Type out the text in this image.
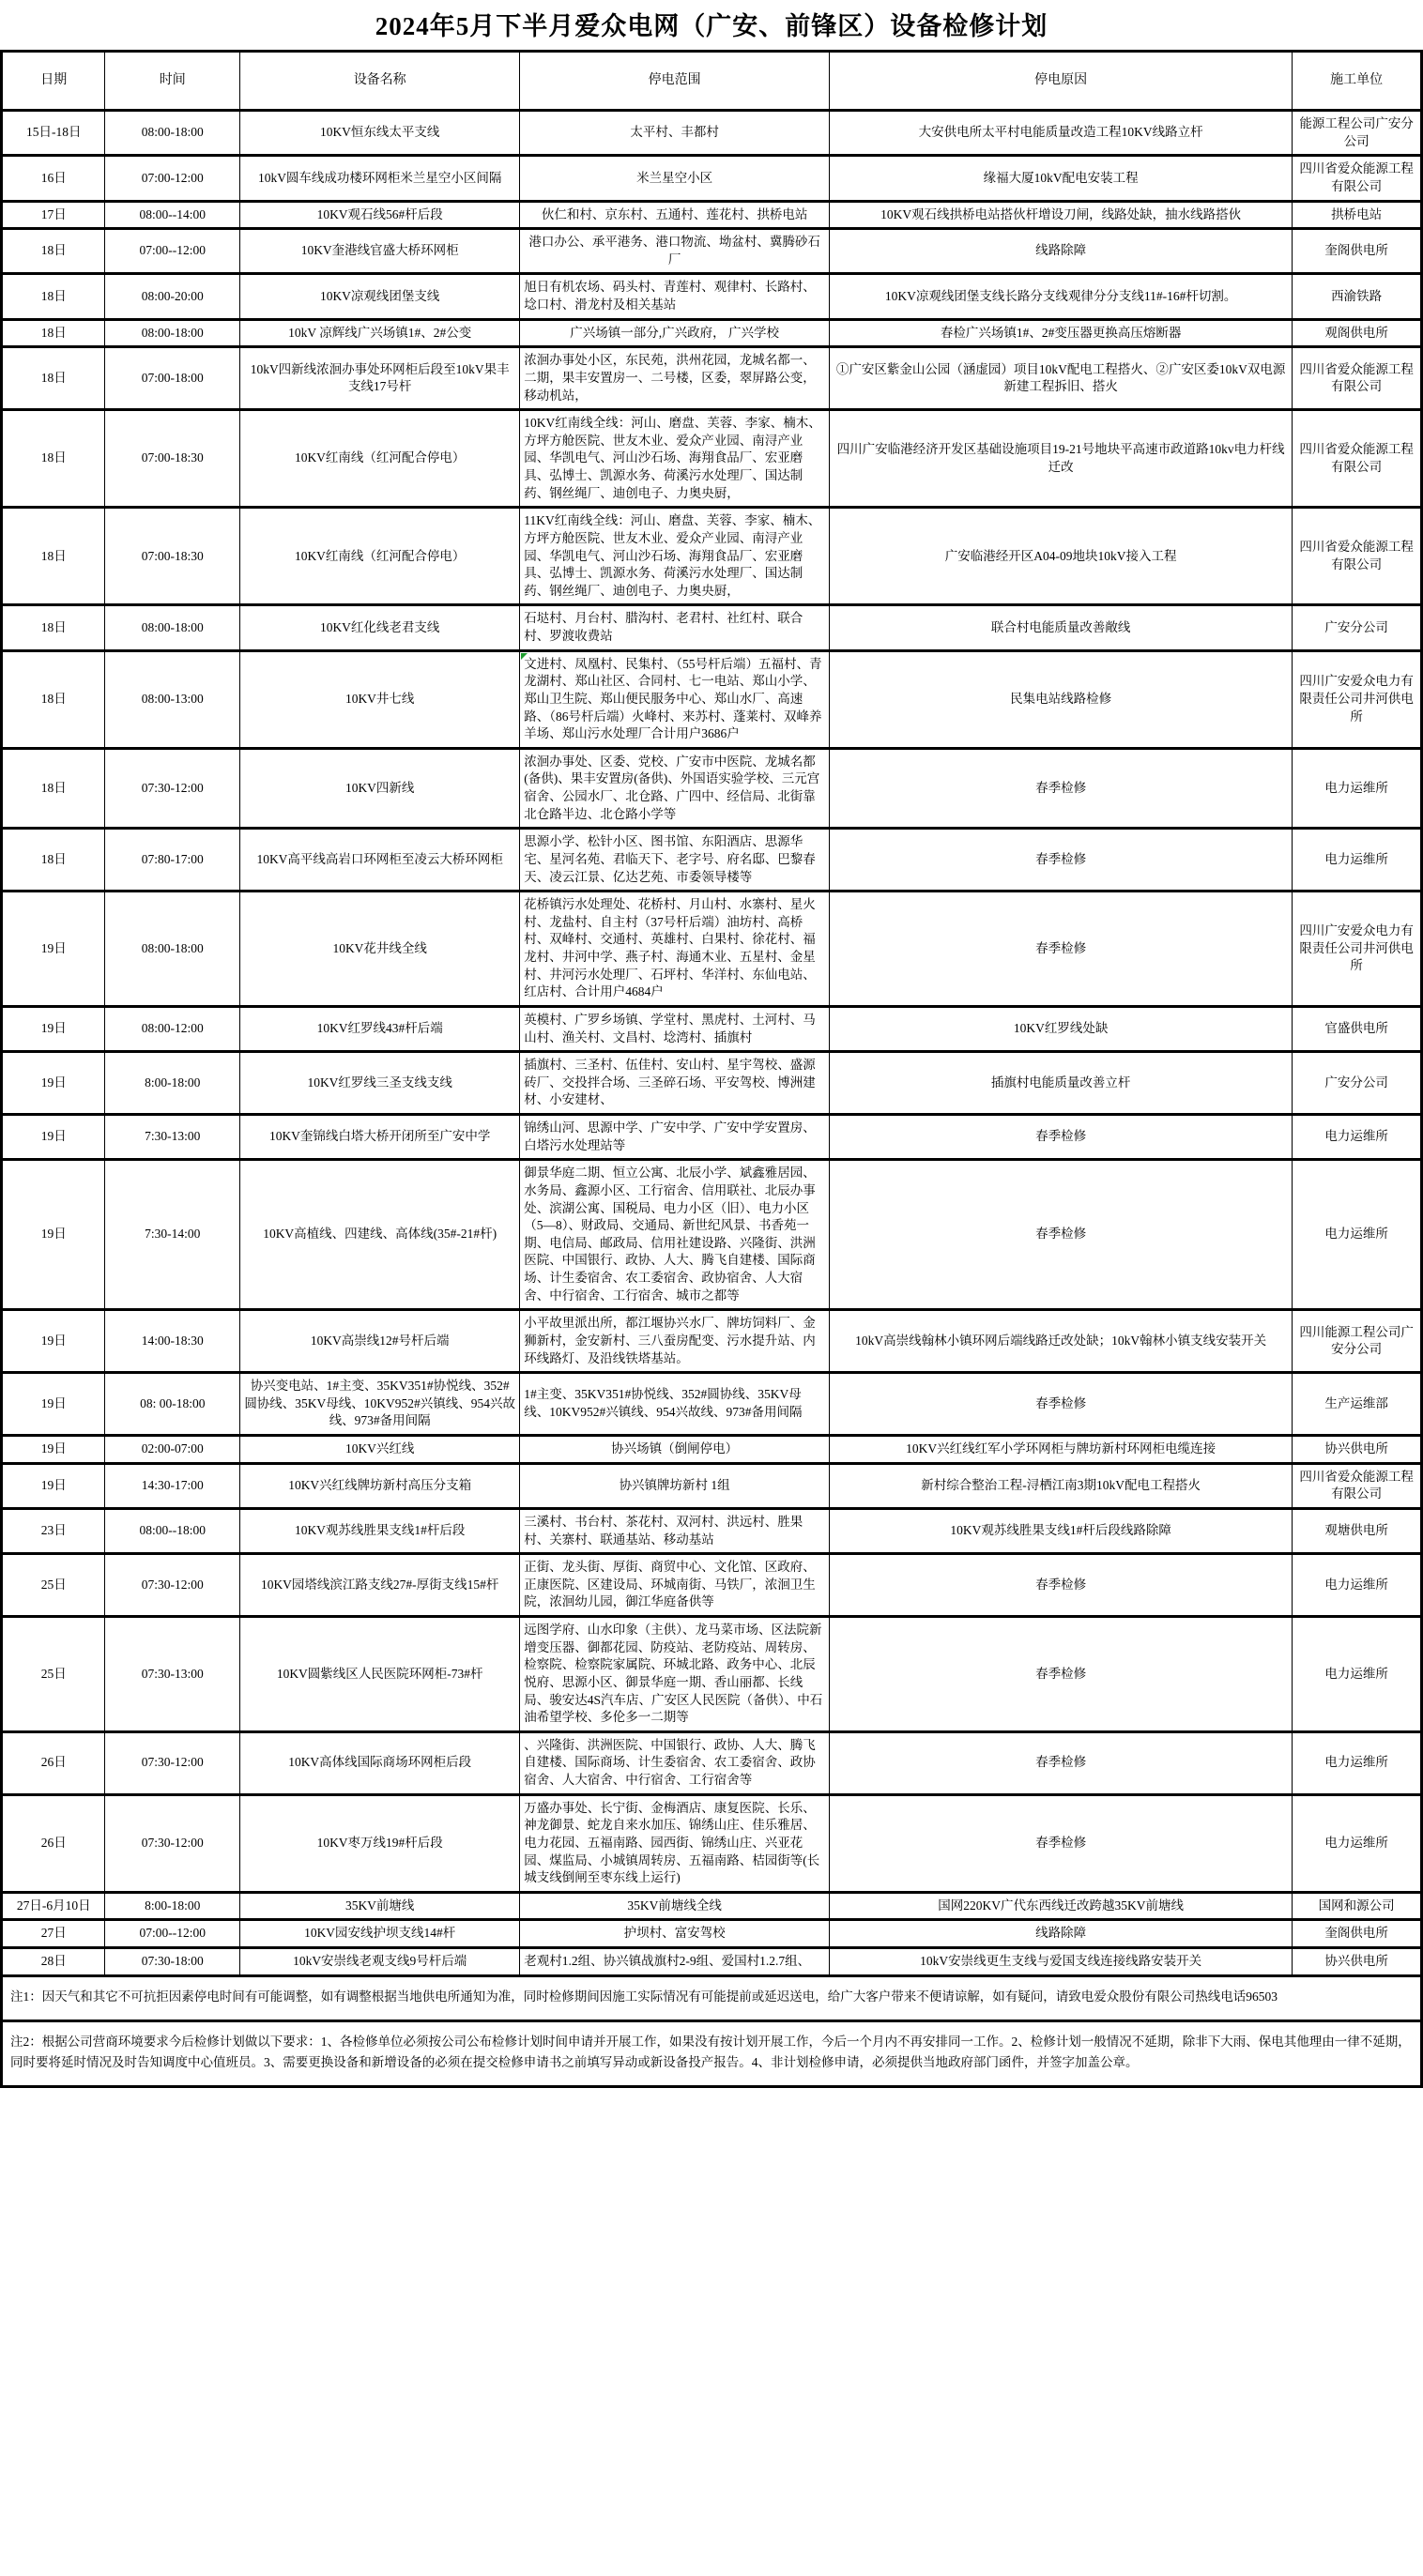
2024年5月下半月爱众电网（广安、前锋区）设备检修计划
日期	时间	设备名称	停电范围	停电原因	施工单位
15日-18日	08:00-18:00	10KV恒东线太平支线	太平村、丰都村	大安供电所太平村电能质量改造工程10KV线路立杆	能源工程公司广安分公司
16日	07:00-12:00	10kV圆车线成功楼环网柜米兰星空小区间隔	米兰星空小区	缘福大厦10kV配电安装工程	四川省爱众能源工程有限公司
17日	08:00--14:00	10KV观石线56#杆后段	伙仁和村、京东村、五通村、莲花村、拱桥电站	10KV观石线拱桥电站搭伙杆增设刀闸，线路处缺，抽水线路搭伙	拱桥电站
18日	07:00--12:00	10KV奎港线官盛大桥环网柜	港口办公、承平港务、港口物流、坳盆村、冀腾砂石厂	线路除障	奎阁供电所
18日	08:00-20:00	10KV凉观线团堡支线	旭日有机农场、码头村、青莲村、观律村、长路村、埝口村、滑龙村及相关基站	10KV凉观线团堡支线长路分支线观律分分支线11#-16#杆切割。	西渝铁路
18日	08:00-18:00	10kV 凉辉线广兴场镇1#、2#公变	广兴场镇一部分,广兴政府， 广兴学校	春检广兴场镇1#、2#变压器更换高压熔断器	观阁供电所
18日	07:00-18:00	10kV四新线浓洄办事处环网柜后段至10kV果丰支线17号杆	浓洄办事处小区，东民苑，洪州花园，龙城名都一、二期，果丰安置房一、二号楼，区委，翠屏路公变，移动机站，	①广安区紫金山公园（涵虚园）项目10kV配电工程搭火、②广安区委10kV双电源新建工程拆旧、搭火	四川省爱众能源工程有限公司
18日	07:00-18:30	10KV红南线（红河配合停电）	10KV红南线全线：河山、磨盘、芙蓉、李家、楠木、方坪方舱医院、世友木业、爱众产业园、南浔产业园、华凯电气、河山沙石场、海翔食品厂、宏亚磨具、弘博士、凯源水务、荷溪污水处理厂、国达制药、钢丝绳厂、迪创电子、力奥央厨，	四川广安临港经济开发区基础设施项目19-21号地块平高速市政道路10kv电力杆线迁改	四川省爱众能源工程有限公司
18日	07:00-18:30	10KV红南线（红河配合停电）	11KV红南线全线：河山、磨盘、芙蓉、李家、楠木、方坪方舱医院、世友木业、爱众产业园、南浔产业园、华凯电气、河山沙石场、海翔食品厂、宏亚磨具、弘博士、凯源水务、荷溪污水处理厂、国达制药、钢丝绳厂、迪创电子、力奥央厨，	广安临港经开区A04-09地块10kV接入工程	四川省爱众能源工程有限公司
18日	08:00-18:00	10KV红化线老君支线	石垯村、月台村、腊沟村、老君村、社红村、联合村、罗渡收费站	联合村电能质量改善敞线	广安分公司
18日	08:00-13:00	10KV井七线	文进村、凤凰村、民集村、（55号杆后端）五福村、青龙湖村、郑山社区、合同村、七一电站、郑山小学、郑山卫生院、郑山便民服务中心、郑山水厂、高速路、（86号杆后端）火峰村、来苏村、蓬莱村、双峰养羊场、郑山污水处理厂合计用户3686户	民集电站线路检修	四川广安爱众电力有限责任公司井河供电所
18日	07:30-12:00	10KV四新线	浓洄办事处、区委、党校、广安市中医院、龙城名都(备供)、果丰安置房(备供)、外国语实验学校、三元宫宿舍、公园水厂、北仓路、广四中、经信局、北街靠北仓路半边、北仓路小学等	春季检修	电力运维所
18日	07:80-17:00	10KV高平线高岩口环网柜至凌云大桥环网柜	思源小学、松针小区、图书馆、东阳酒店、思源华宅、星河名苑、君临天下、老字号、府名邸、巴黎春天、凌云江景、亿达艺苑、市委领导楼等	春季检修	电力运维所
19日	08:00-18:00	10KV花井线全线	花桥镇污水处理处、花桥村、月山村、水寨村、星火村、龙盐村、自主村（37号杆后端）油坊村、高桥村、双峰村、交通村、英雄村、白果村、徐花村、福龙村、井河中学、燕子村、海通木业、五星村、金星村、井河污水处理厂、石坪村、华洋村、东仙电站、红店村、合计用户4684户	春季检修	四川广安爱众电力有限责任公司井河供电所
19日	08:00-12:00	10KV红罗线43#杆后端	英模村、广罗乡场镇、学堂村、黑虎村、土河村、马山村、渔关村、文昌村、埝湾村、插旗村	10KV红罗线处缺	官盛供电所
19日	8:00-18:00	10KV红罗线三圣支线支线	插旗村、三圣村、伍佳村、安山村、星宇驾校、盛源砖厂、交投拌合场、三圣碎石场、平安驾校、博洲建材、小安建材、	插旗村电能质量改善立杆	广安分公司
19日	7:30-13:00	10KV奎锦线白塔大桥开闭所至广安中学	锦绣山河、思源中学、广安中学、广安中学安置房、白塔污水处理站等	春季检修	电力运维所
19日	7:30-14:00	10KV高植线、四建线、高体线(35#-21#杆)	御景华庭二期、恒立公寓、北辰小学、斌鑫雅居园、水务局、鑫源小区、工行宿舍、信用联社、北辰办事处、滨湖公寓、国税局、电力小区（旧）、电力小区（5—8）、财政局、交通局、新世纪风景、书香苑一期、电信局、邮政局、信用社建设路、兴隆街、洪洲医院、中国银行、政协、人大、腾飞自建楼、国际商场、计生委宿舍、农工委宿舍、政协宿舍、人大宿舍、中行宿舍、工行宿舍、城市之都等	春季检修	电力运维所
19日	14:00-18:30	10KV高崇线12#号杆后端	小平故里派出所，都江堰协兴水厂、牌坊饲料厂、金狮新村，金安新村、三八蚕房配变、污水提升站、内环线路灯、及沿线铁塔基站。	10kV高崇线翰林小镇环网后端线路迁改处缺；10kV翰林小镇支线安装开关	四川能源工程公司广安分公司
19日	08: 00-18:00	协兴变电站、1#主变、35KV351#协悦线、352#圆协线、35KV母线、10KV952#兴镇线、954兴故线、973#备用间隔	1#主变、35KV351#协悦线、352#圆协线、35KV母线、10KV952#兴镇线、954兴故线、973#备用间隔	春季检修	生产运维部
19日	02:00-07:00	10KV兴红线	协兴场镇（倒闸停电）	10KV兴红线红军小学环网柜与牌坊新村环网柜电缆连接	协兴供电所
19日	14:30-17:00	10KV兴红线牌坊新村高压分支箱	协兴镇牌坊新村 1组	新村综合整治工程-浔栖江南3期10kV配电工程搭火	四川省爱众能源工程有限公司
23日	08:00--18:00	10KV观苏线胜果支线1#杆后段	三溪村、书台村、茶花村、双河村、洪远村、胜果村、关寨村、联通基站、移动基站	10KV观苏线胜果支线1#杆后段线路除障	观塘供电所
25日	07:30-12:00	10KV园塔线滨江路支线27#-厚街支线15#杆	正街、龙头街、厚街、商贸中心、文化馆、区政府、正康医院、区建设局、环城南街、马铁厂，浓洄卫生院，浓洄幼儿园，御江华庭备供等	春季检修	电力运维所
25日	07:30-13:00	10KV圆紫线区人民医院环网柜-73#杆	远图学府、山水印象（主供）、龙马菜市场、区法院新增变压器、御都花园、防疫站、老防疫站、周转房、检察院、检察院家属院、环城北路、政务中心、北辰悦府、思源小区、御景华庭一期、香山丽都、长线局、骏安达4S汽车店、广安区人民医院（备供）、中石油希望学校、多伦多一二期等	春季检修	电力运维所
26日	07:30-12:00	10KV高体线国际商场环网柜后段	、兴隆街、洪洲医院、中国银行、政协、人大、腾飞自建楼、国际商场、计生委宿舍、农工委宿舍、政协宿舍、人大宿舍、中行宿舍、工行宿舍等	春季检修	电力运维所
26日	07:30-12:00	10KV枣万线19#杆后段	万盛办事处、长宁街、金梅酒店、康复医院、长乐、神龙御景、蛇龙自来水加压、锦绣山庄、佳乐雅居、电力花园、五福南路、园西街、锦绣山庄、兴亚花园、煤监局、小城镇周转房、五福南路、桔园街等(长城支线倒闸至枣东线上运行)	春季检修	电力运维所
27日-6月10日	8:00-18:00	35KV前塘线	35KV前塘线全线	国网220KV广代东西线迁改跨越35KV前塘线	国网和源公司
27日	07:00--12:00	10KV园安线护坝支线14#杆	护坝村、富安驾校	线路除障	奎阁供电所
28日	07:30-18:00	10kV安崇线老观支线9号杆后端	老观村1.2组、协兴镇战旗村2-9组、爱国村1.2.7组、	10kV安崇线更生支线与爱国支线连接线路安装开关	协兴供电所
注1：因天气和其它不可抗拒因素停电时间有可能调整，如有调整根据当地供电所通知为准，同时检修期间因施工实际情况有可能提前或延迟送电，给广大客户带来不便请谅解，如有疑问，请致电爱众股份有限公司热线电话96503					
注2：根据公司营商环境要求今后检修计划做以下要求：1、各检修单位必须按公司公布检修计划时间申请并开展工作，如果没有按计划开展工作，今后一个月内不再安排同一工作。2、检修计划一般情况不延期，除非下大雨、保电其他理由一律不延期，同时要将延时情况及时告知调度中心值班员。3、需要更换设备和新增设备的必须在提交检修申请书之前填写异动或新设备投产报告。4、非计划检修申请，必须提供当地政府部门函件，并签字加盖公章。					
